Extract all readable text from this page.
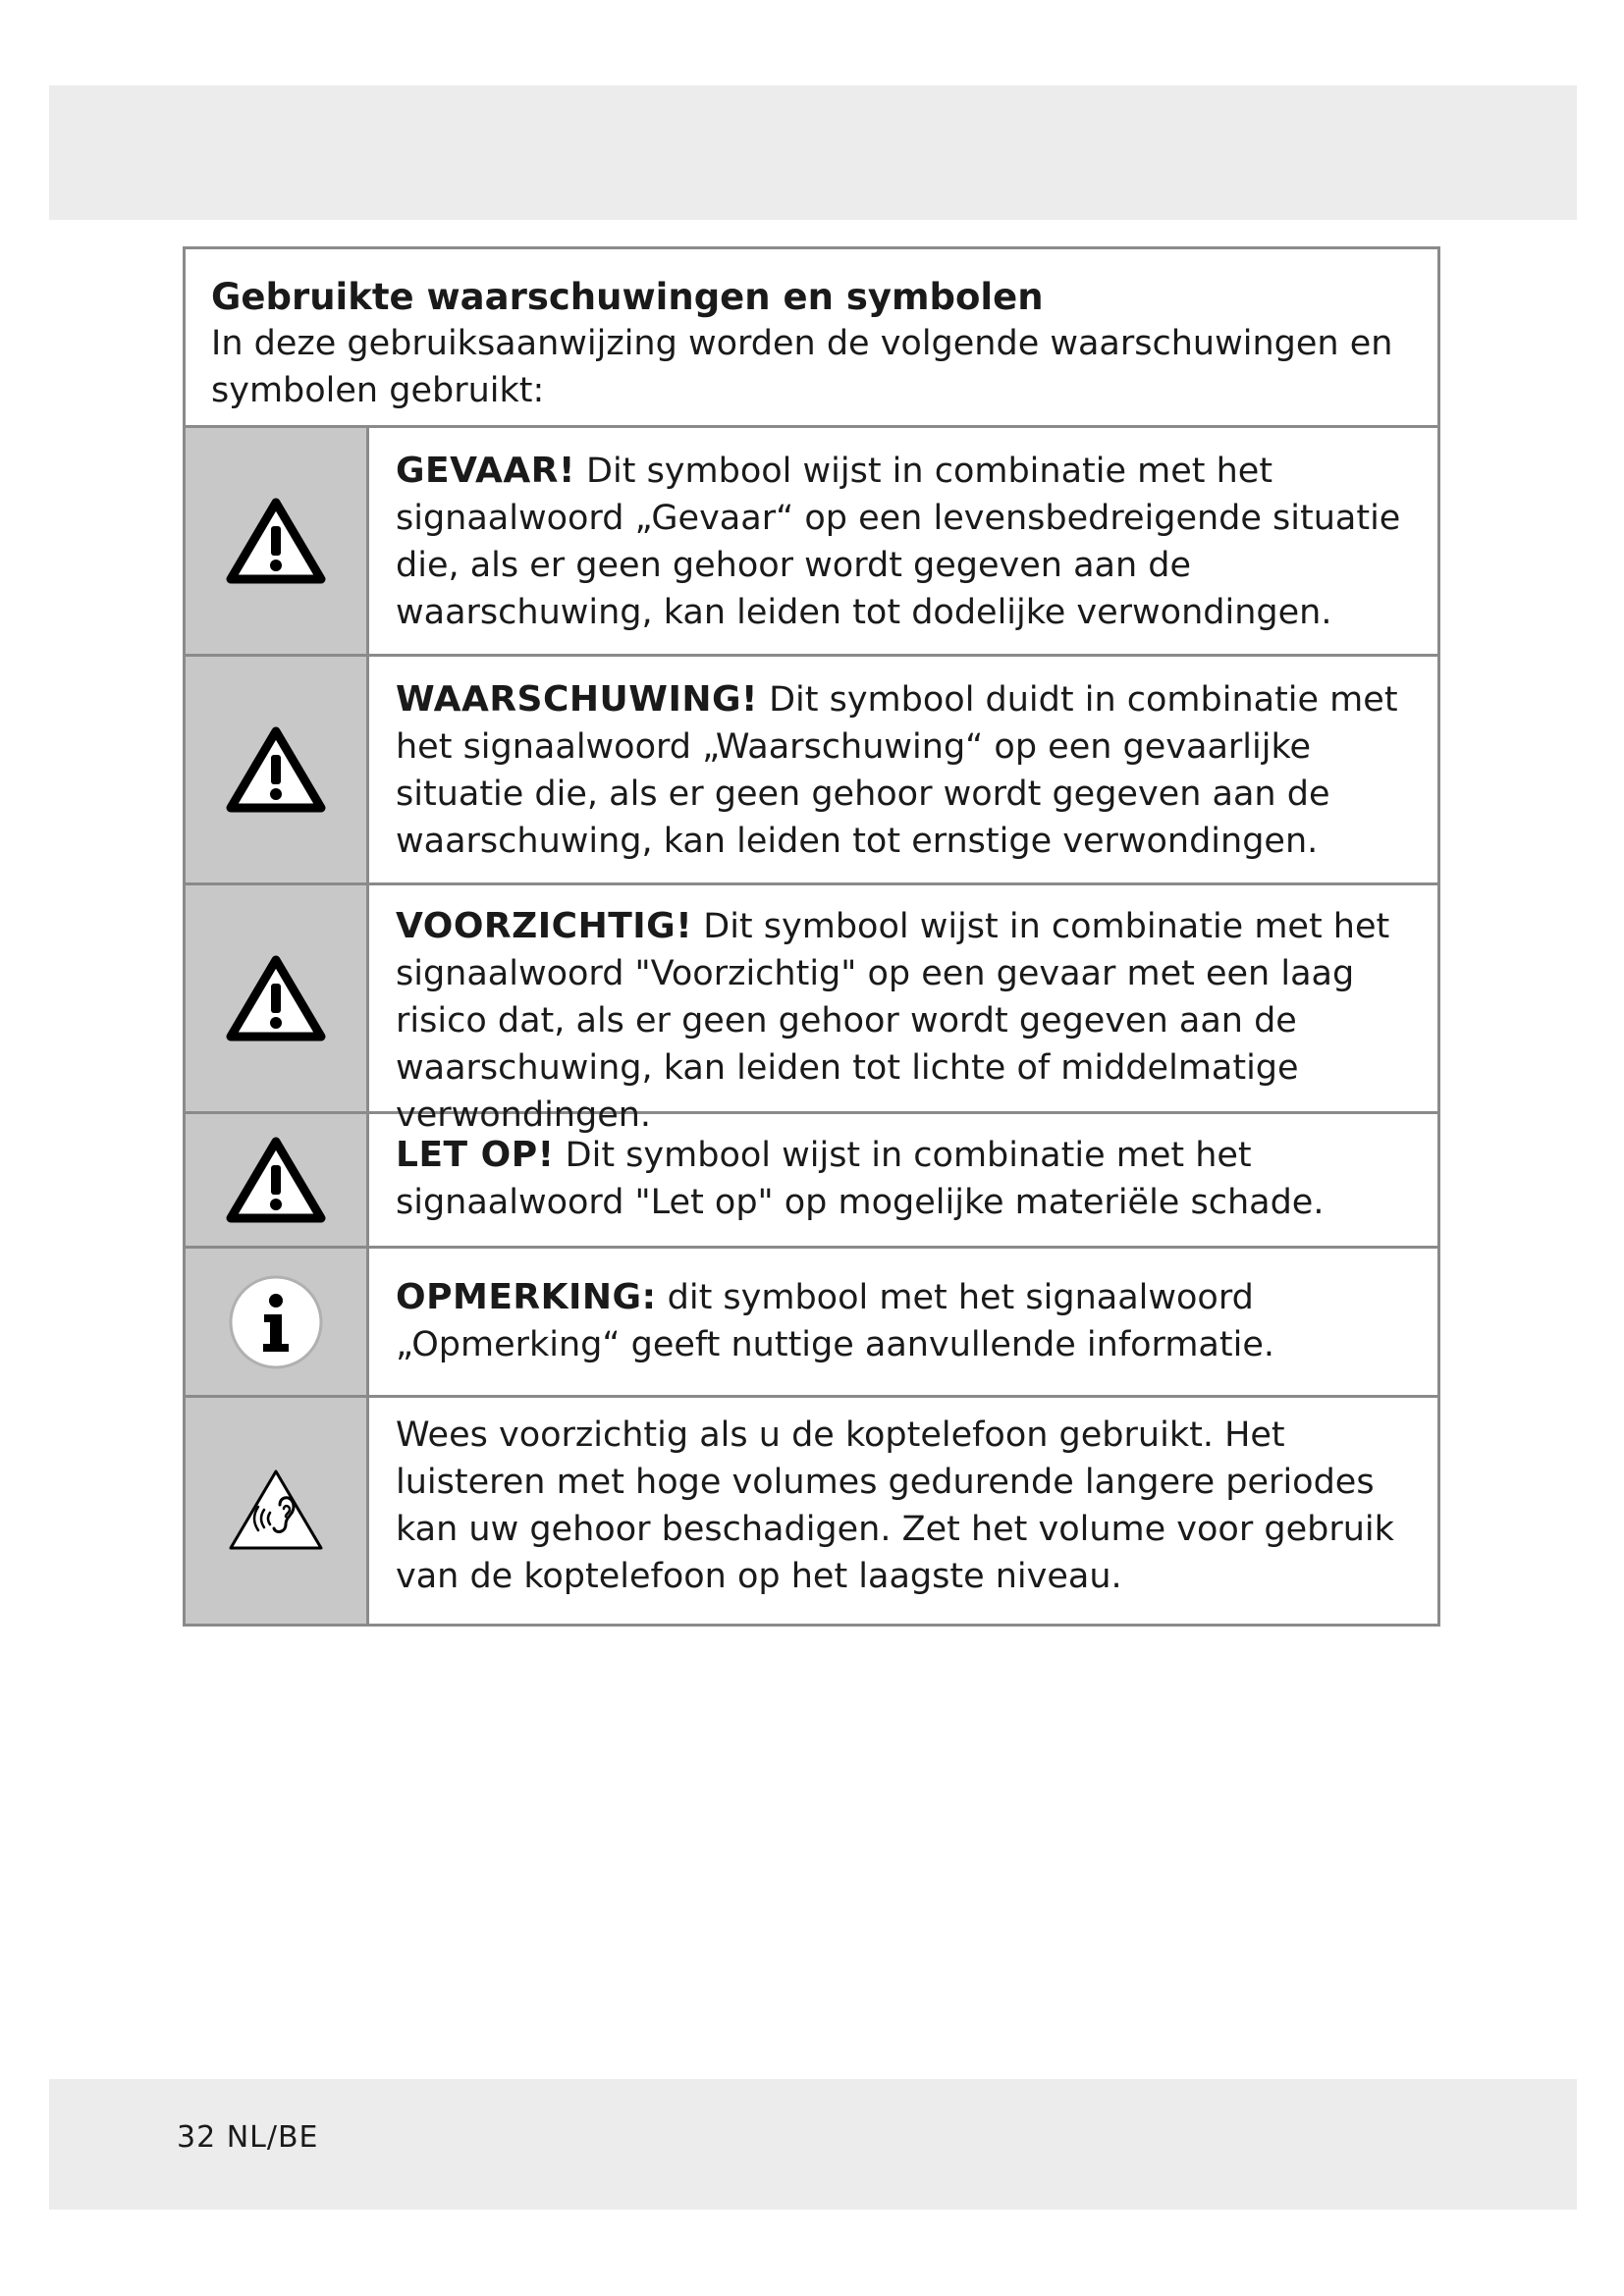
Gebruikte waarschuwingen en symbolen
In deze gebruiksaanwijzing worden de volgende waarschuwingen en symbolen gebruikt:
GEVAAR! Dit symbool wijst in combinatie met het signaalwoord „Gevaar“ op een levensbedreigende situatie die, als er geen gehoor wordt gegeven aan de waarschuwing, kan leiden tot dodelijke verwondingen.
WAARSCHUWING! Dit symbool duidt in combinatie met het signaalwoord „Waarschuwing“ op een gevaarlijke situatie die, als er geen gehoor wordt gegeven aan de waarschuwing, kan leiden tot ernstige verwondingen.
VOORZICHTIG! Dit symbool wijst in combinatie met het signaalwoord "Voorzichtig" op een gevaar met een laag risico dat, als er geen gehoor wordt gegeven aan de waarschuwing, kan leiden tot lichte of middelmatige verwondingen.
LET OP! Dit symbool wijst in combinatie met het signaalwoord "Let op" op mogelijke materiële schade.
OPMERKING: dit symbool met het signaalwoord „Opmerking“ geeft nuttige aanvullende informatie.
Wees voorzichtig als u de koptelefoon gebruikt. Het luisteren met hoge volumes gedurende langere periodes kan uw gehoor beschadigen. Zet het volume voor gebruik van de koptelefoon op het laagste niveau.
32 NL/BE
